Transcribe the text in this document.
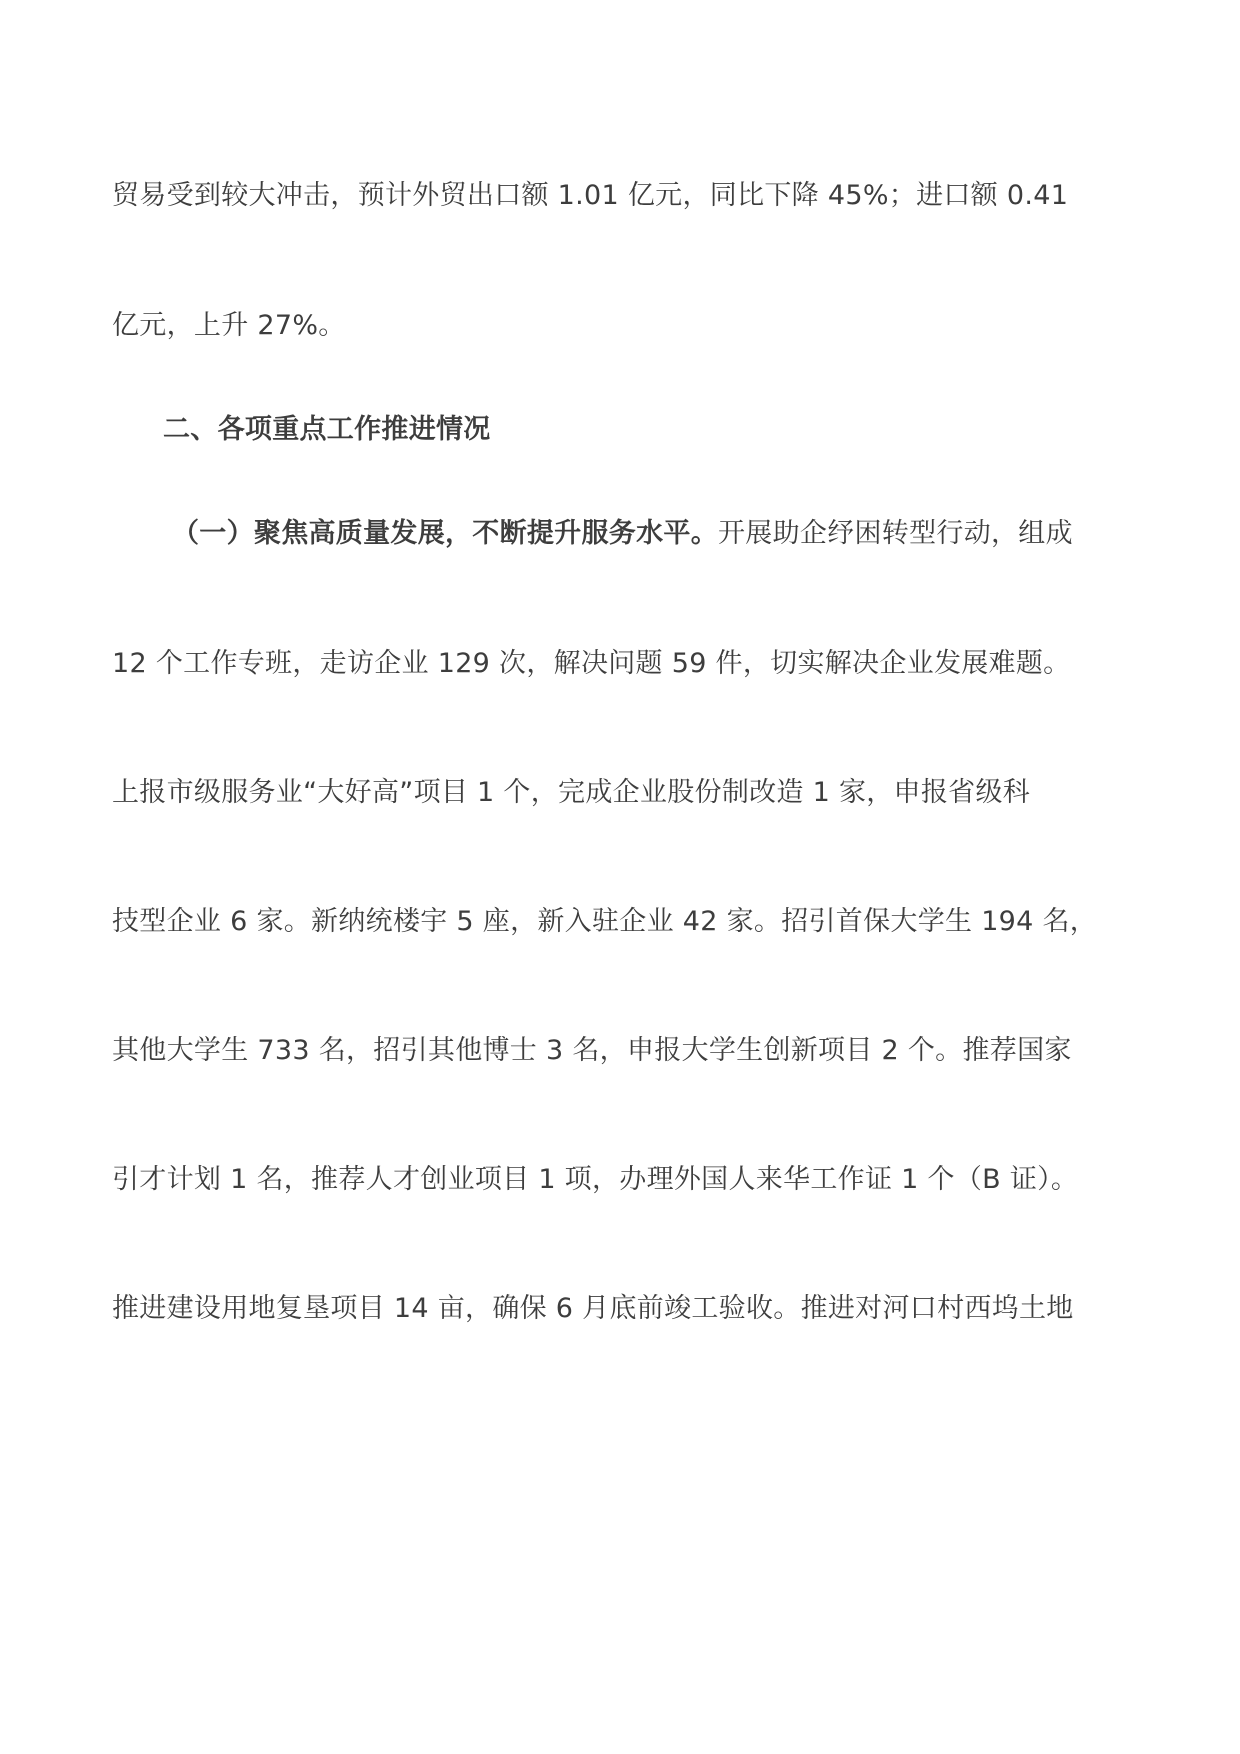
贸易受到较大冲击，预计外贸出口额 1.01 亿元，同比下降 45%；进口额 0.41
亿元，上升 27%。
二、各项重点工作推进情况
（一）聚焦高质量发展，不断提升服务水平。开展助企纾困转型行动，组成
12 个工作专班，走访企业 129 次，解决问题 59 件，切实解决企业发展难题。
上报市级服务业“大好高”项目 1 个，完成企业股份制改造 1 家，申报省级科
技型企业 6 家。新纳统楼宇 5 座，新入驻企业 42 家。招引首保大学生 194 名，
其他大学生 733 名，招引其他博士 3 名，申报大学生创新项目 2 个。推荐国家
引才计划 1 名，推荐人才创业项目 1 项，办理外国人来华工作证 1 个（B 证）。
推进建设用地复垦项目 14 亩，确保 6 月底前竣工验收。推进对河口村西坞土地
